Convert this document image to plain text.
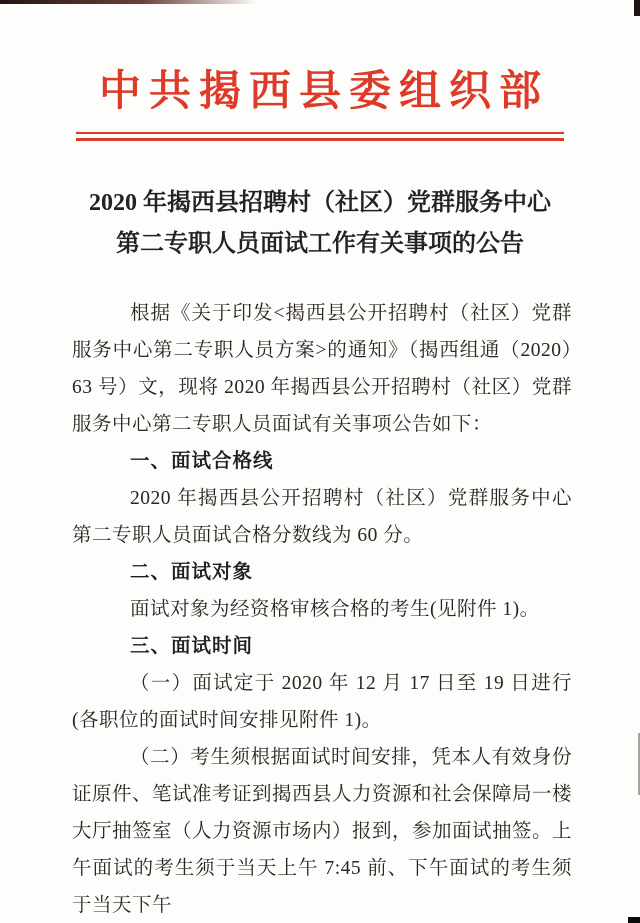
中共揭西县委组织部
2020 年揭西县招聘村（社区）党群服务中心
第二专职人员面试工作有关事项的公告

根据《关于印发<揭西县公开招聘村（社区）党群服务中心第二专职人员方案>的通知》（揭西组通（2020）63 号）文，现将 2020 年揭西县公开招聘村（社区）党群服务中心第二专职人员面试有关事项公告如下：

一、面试合格线

2020 年揭西县公开招聘村（社区）党群服务中心第二专职人员面试合格分数线为 60 分。

二、面试对象

面试对象为经资格审核合格的考生(见附件 1)。

三、面试时间

（一）面试定于 2020 年 12 月 17 日至 19 日进行(各职位的面试时间安排见附件 1)。

（二）考生须根据面试时间安排，凭本人有效身份证原件、笔试准考证到揭西县人力资源和社会保障局一楼大厅抽签室（人力资源市场内）报到，参加面试抽签。上午面试的考生须于当天上午 7:45 前、下午面试的考生须于当天下午
